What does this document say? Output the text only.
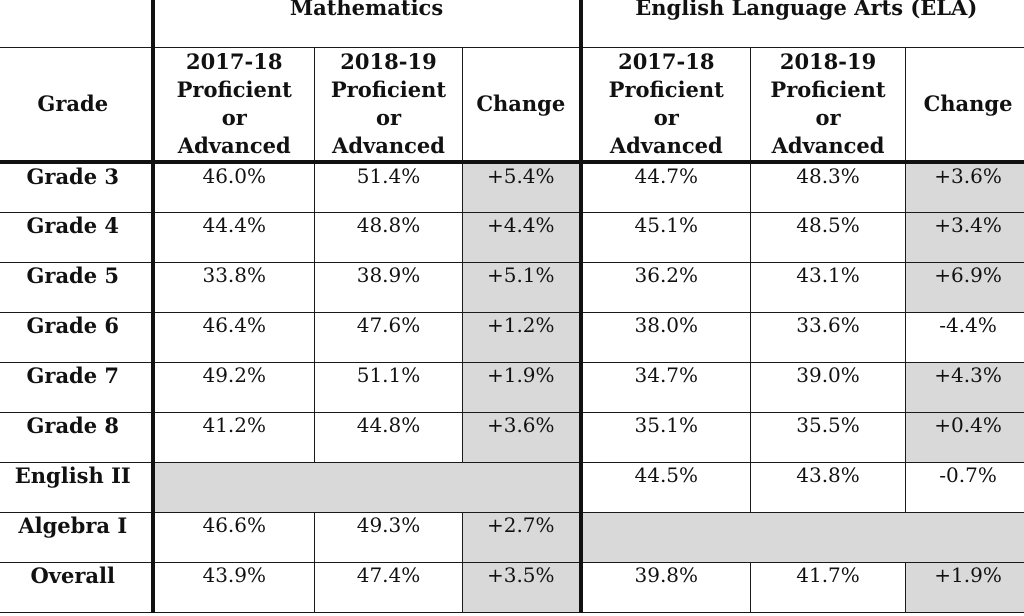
	Mathematics			English Language Arts (ELA)		
Grade	2017-18
Proficient
or
Advanced	2018-19
Proficient
or
Advanced	Change	2017-18
Proficient
or
Advanced	2018-19
Proficient
or
Advanced	Change
Grade 3	46.0%	51.4%	+5.4%	44.7%	48.3%	+3.6%
Grade 4	44.4%	48.8%	+4.4%	45.1%	48.5%	+3.4%
Grade 5	33.8%	38.9%	+5.1%	36.2%	43.1%	+6.9%
Grade 6	46.4%	47.6%	+1.2%	38.0%	33.6%	-4.4%
Grade 7	49.2%	51.1%	+1.9%	34.7%	39.0%	+4.3%
Grade 8	41.2%	44.8%	+3.6%	35.1%	35.5%	+0.4%
English II				44.5%	43.8%	-0.7%
Algebra I	46.6%	49.3%	+2.7%			
Overall	43.9%	47.4%	+3.5%	39.8%	41.7%	+1.9%
